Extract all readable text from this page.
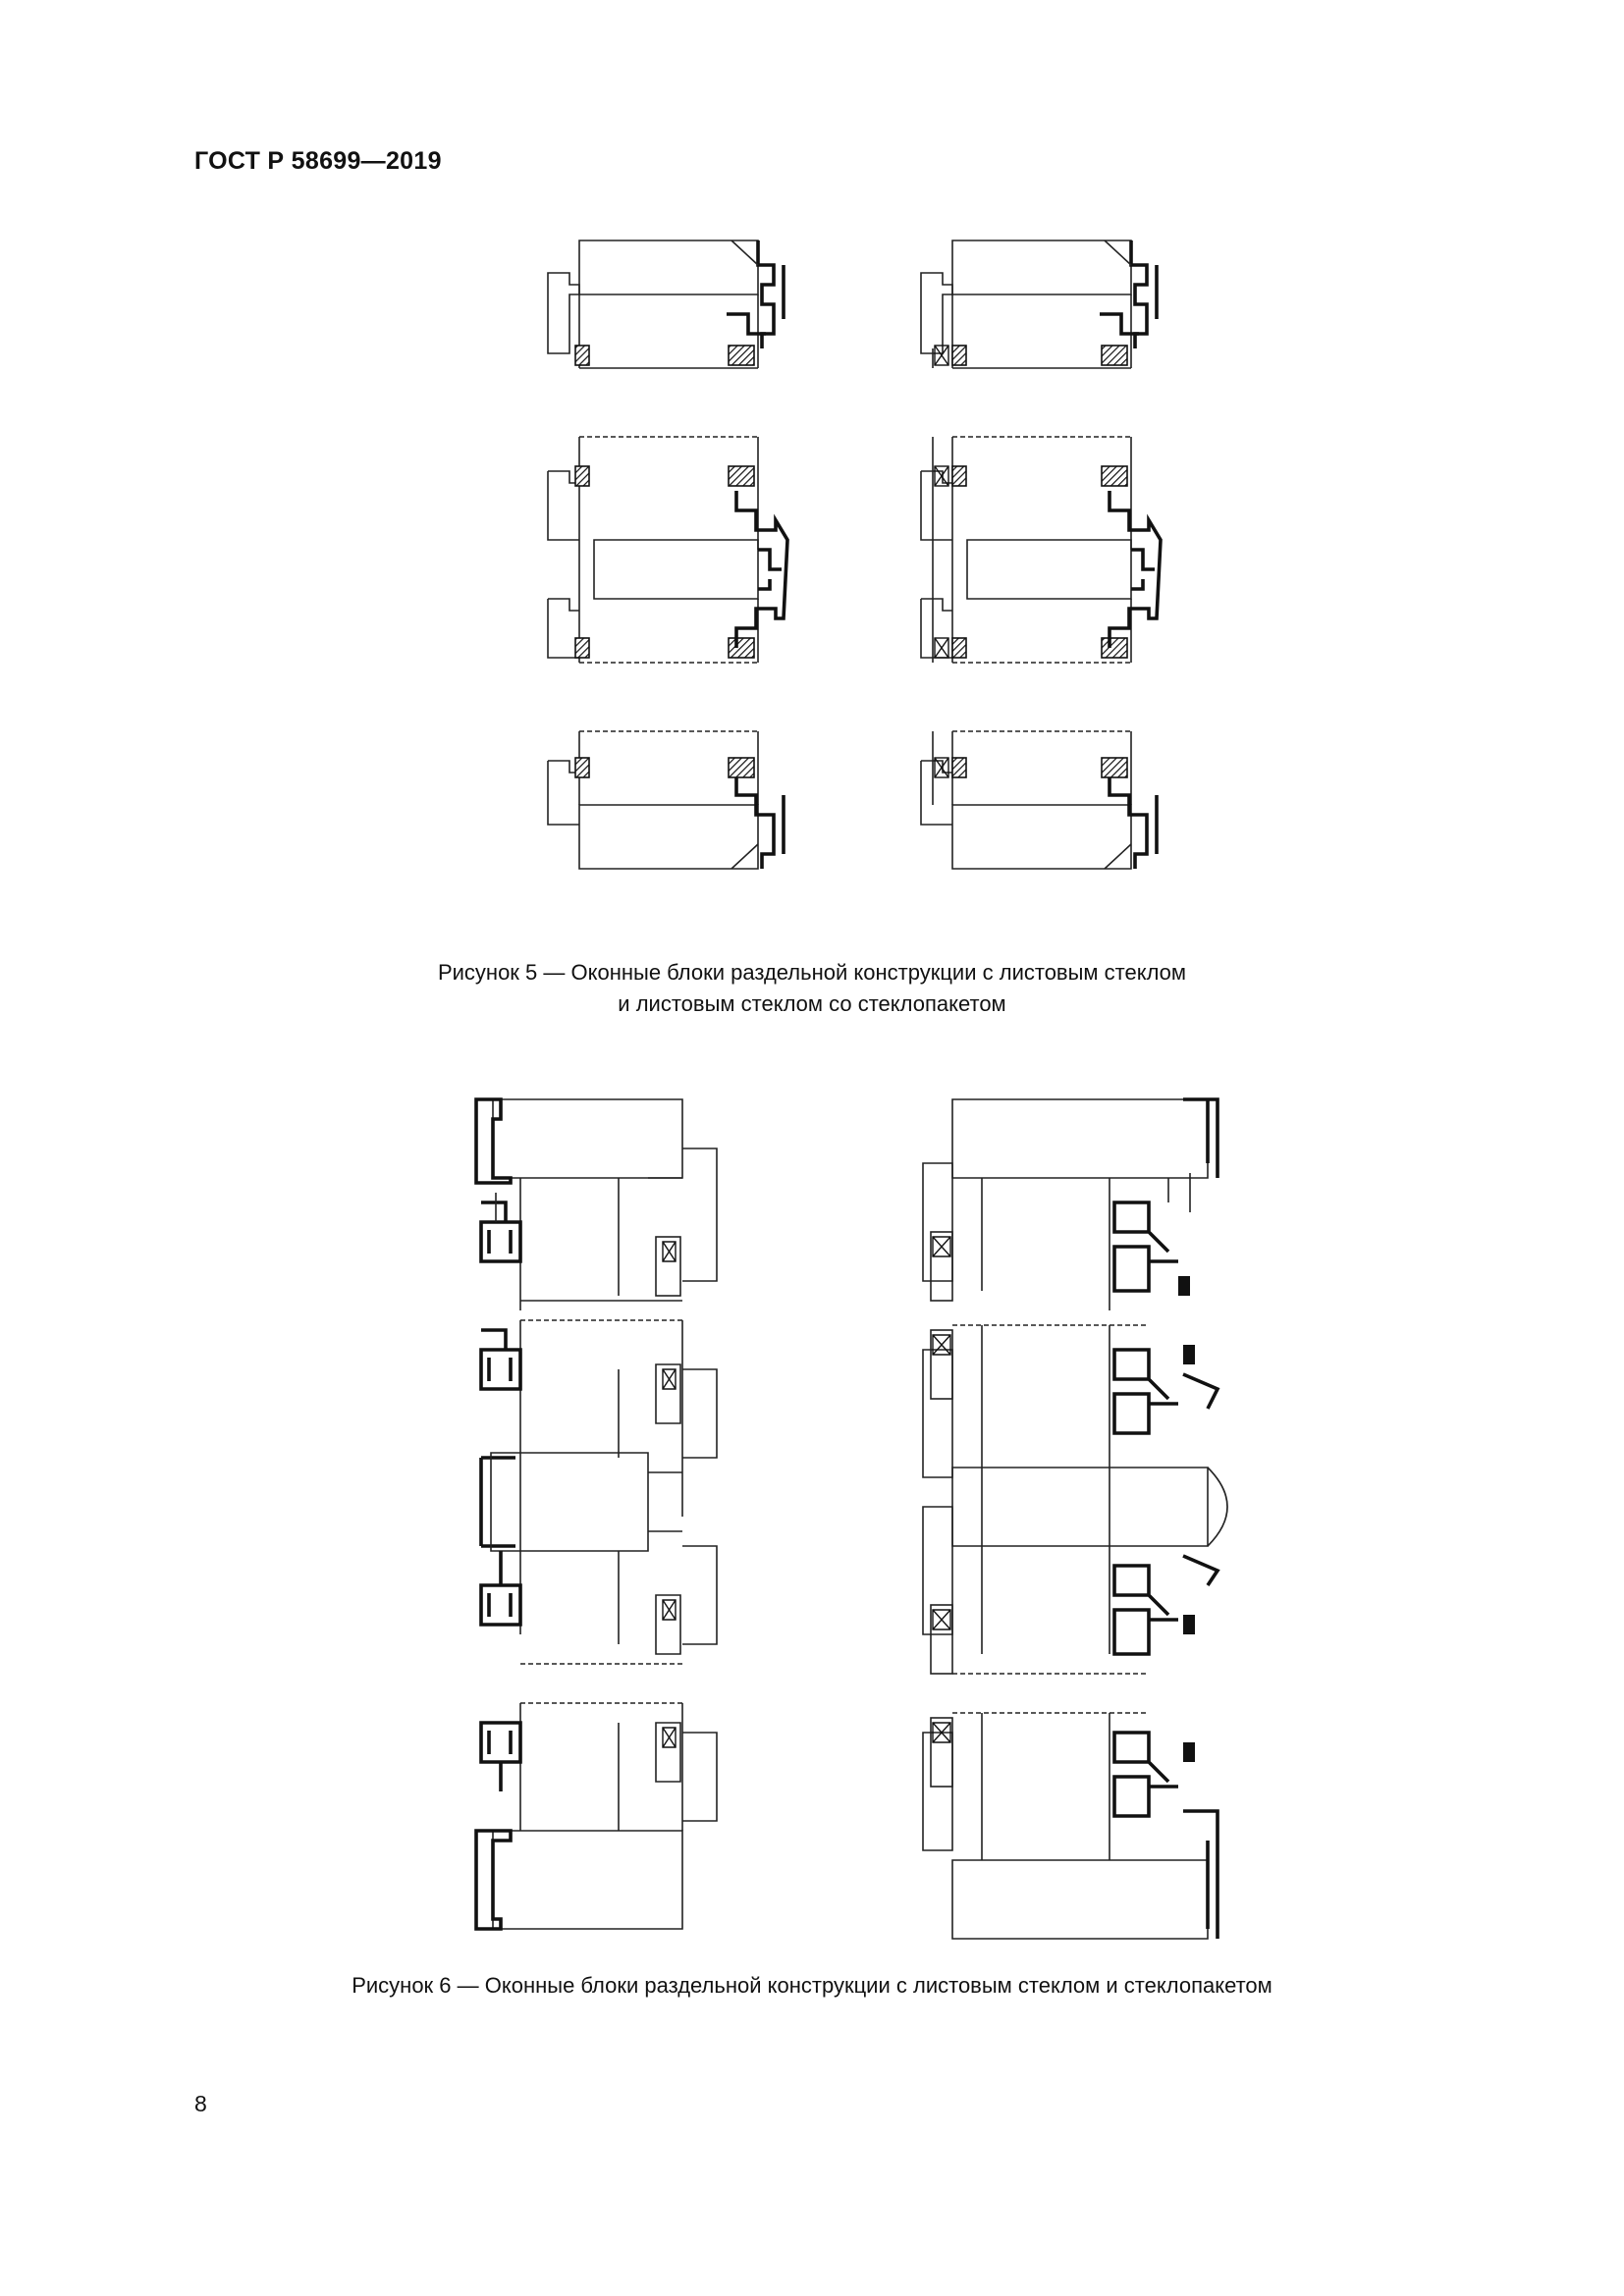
ГОСТ Р 58699—2019
Рисунок 5 — Оконные блоки раздельной конструкции с листовым стеклом
и листовым стеклом со стеклопакетом
Рисунок 6 — Оконные блоки раздельной конструкции с листовым стеклом и стеклопакетом
8
